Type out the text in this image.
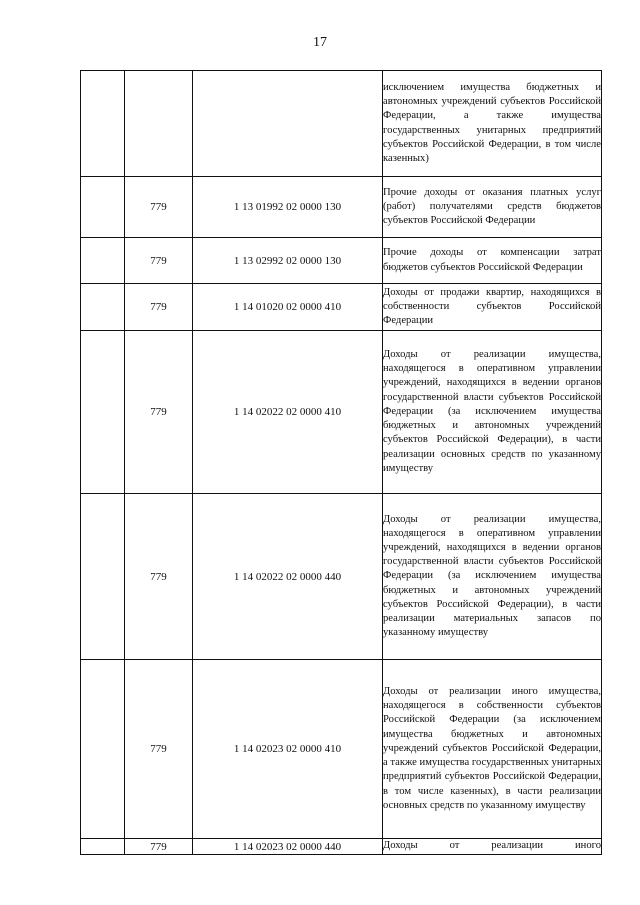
17
			исключением имущества бюджетных и автономных учреждений субъектов Российской Федерации, а также имущества государственных унитарных предприятий субъектов Российской Федерации, в том числе казенных)
	779	1 13 01992 02 0000 130	Прочие доходы от оказания платных услуг (работ) получателями средств бюджетов субъектов Российской Федерации
	779	1 13 02992 02 0000 130	Прочие доходы от компенсации затрат бюджетов субъектов Российской Федерации
	779	1 14 01020 02 0000 410	Доходы от продажи квартир, находящихся в собственности субъектов Российской Федерации
	779	1 14 02022 02 0000 410	Доходы от реализации имущества, находящегося в оперативном управлении учреждений, находящихся в ведении органов государственной власти субъектов Российской Федерации (за исключением имущества бюджетных и автономных учреждений субъектов Российской Федерации), в части реализации основных средств по указанному имуществу
	779	1 14 02022 02 0000 440	Доходы от реализации имущества, находящегося в оперативном управлении учреждений, находящихся в ведении органов государственной власти субъектов Российской Федерации (за исключением имущества бюджетных и автономных учреждений субъектов Российской Федерации), в части реализации материальных запасов по указанному имуществу
	779	1 14 02023 02 0000 410	Доходы от реализации иного имущества, находящегося в собственности субъектов Российской Федерации (за исключением имущества бюджетных и автономных учреждений субъектов Российской Федерации, а также имущества государственных унитарных предприятий субъектов Российской Федерации, в том числе казенных), в части реализации основных средств по указанному имуществу
	779	1 14 02023 02 0000 440	Доходы от реализации иного
